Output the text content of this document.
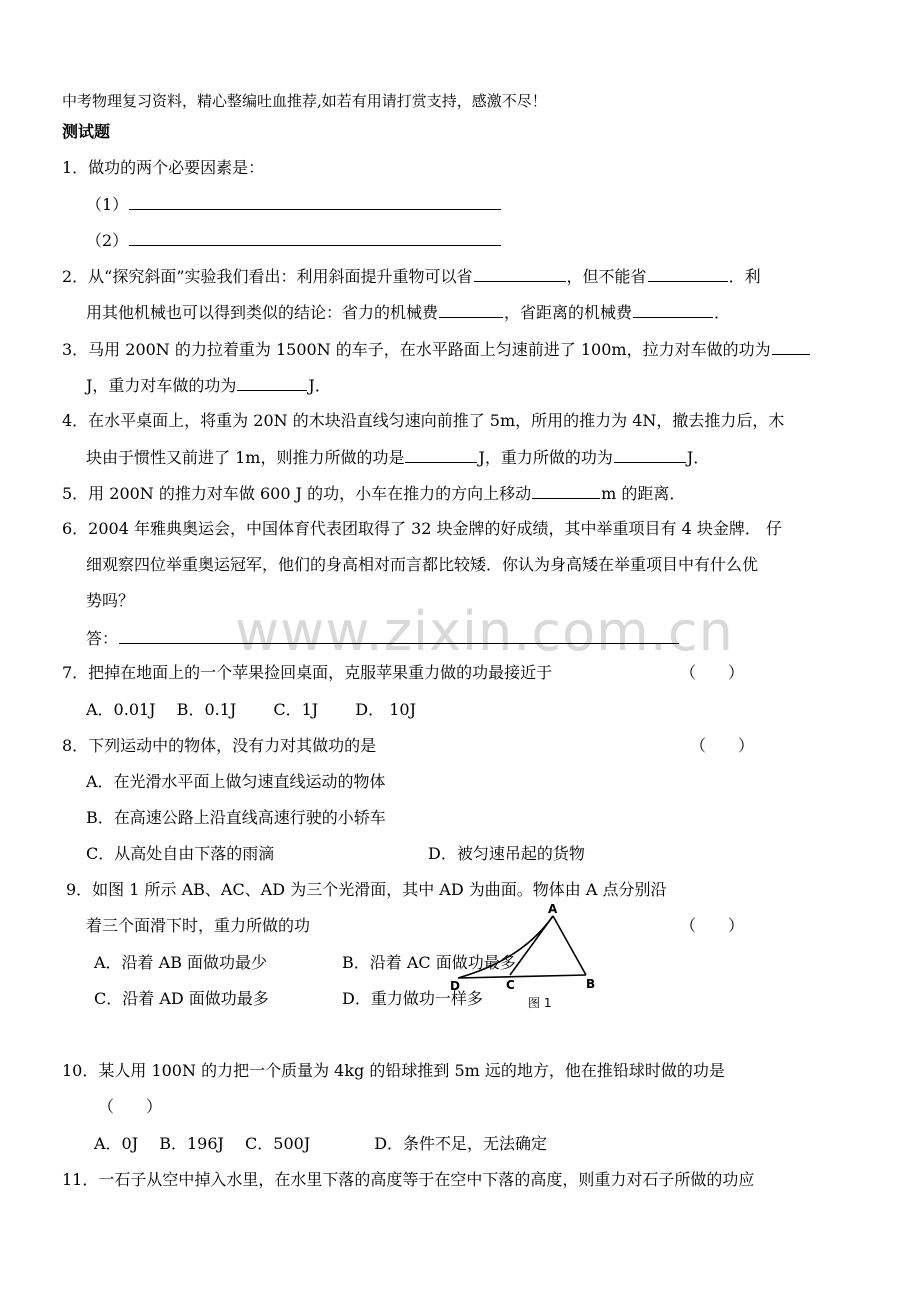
www.zixin.com.cn
中考物理复习资料，精心整编吐血推荐,如若有用请打赏支持，感激不尽！
测试题
1．做功的两个必要因素是：
（1）
（2）
2．从“探究斜面”实验我们看出：利用斜面提升重物可以省	，但不能省	．利
用其他机械也可以得到类似的结论：省力的机械费	，省距离的机械费	．
3．马用 200N 的力拉着重为 1500N 的车子，在水平路面上匀速前进了 100m，拉力对车做的功为
J，重力对车做的功为	J．
4．在水平桌面上，将重为 20N 的木块沿直线匀速向前推了 5m，所用的推力为 4N，撤去推力后，木
块由于惯性又前进了 1m，则推力所做的功是	J，重力所做的功为	J．
5．用 200N 的推力对车做 600 J 的功，小车在推力的方向上移动	m 的距离．
6．2004 年雅典奥运会，中国体育代表团取得了 32 块金牌的好成绩，其中举重项目有 4 块金牌． 仔
细观察四位举重奥运冠军，他们的身高相对而言都比较矮．你认为身高矮在举重项目中有什么优
势吗？
答：
7．把掉在地面上的一个苹果捡回桌面，克服苹果重力做的功最接近于	（　　）
A．0.01J　 B．0.1J　　 C．1J　　 D． 10J
8．下列运动中的物体，没有力对其做功的是	（　　）
A．在光滑水平面上做匀速直线运动的物体
B．在高速公路上沿直线高速行驶的小轿车
C．从高处自由下落的雨滴	D．被匀速吊起的货物
9．如图 1 所示 AB、AC、AD 为三个光滑面，其中 AD 为曲面。物体由 A 点分别沿
着三个面滑下时，重力所做的功	（　　）
A．沿着 AB 面做功最少	B．沿着 AC 面做功最多
C．沿着 AD 面做功最多	D．重力做功一样多
A
B
C
D
图 1
10．某人用 100N 的力把一个质量为 4kg 的铅球推到 5m 远的地方，他在推铅球时做的功是
（　　）
A．0J　 B．196J　 C．500J　　　　D．条件不足，无法确定
11．一石子从空中掉入水里，在水里下落的高度等于在空中下落的高度，则重力对石子所做的功应
